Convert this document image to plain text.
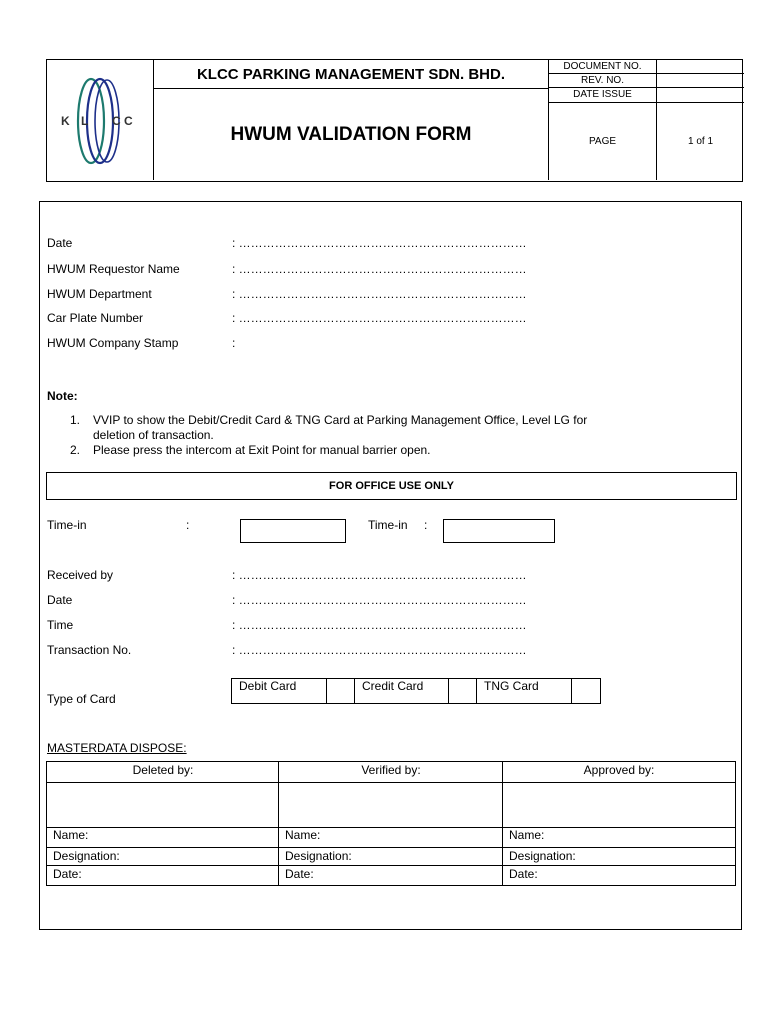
K L C C
KLCC PARKING MANAGEMENT SDN. BHD.
HWUM VALIDATION FORM
DOCUMENT NO.
REV. NO.
DATE ISSUE
PAGE	1 of 1
Date	: ………………………………………………………………
HWUM Requestor Name	: ………………………………………………………………
HWUM Department	: ………………………………………………………………
Car Plate Number	: ………………………………………………………………
HWUM Company Stamp	:
Note:
1. VVIP to show the Debit/Credit Card & TNG Card at Parking Management Office, Level LG for
deletion of transaction.
2. Please press the intercom at Exit Point for manual barrier open.
FOR OFFICE USE ONLY
Time-in	:	Time-in :
Received by	: ………………………………………………………………
Date	: ………………………………………………………………
Time	: ………………………………………………………………
Transaction No.	: ………………………………………………………………
Type of Card
Debit Card	Credit Card	TNG Card
MASTERDATA DISPOSE:
Deleted by:	Verified by:	Approved by:
Name:	Name:	Name:
Designation:	Designation:	Designation:
Date:	Date:	Date:
